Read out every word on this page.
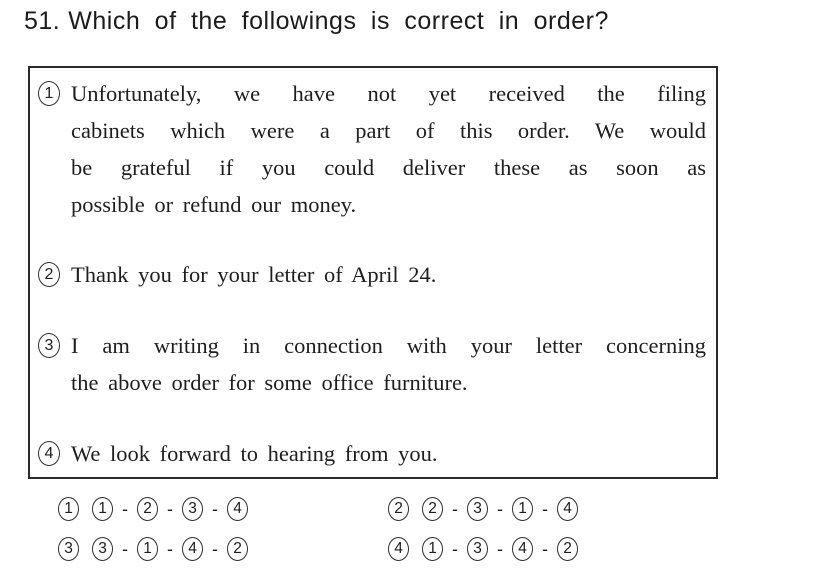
51. Which of the followings is correct in order?
1 Unfortunately, we have not yet received the filing
cabinets which were a part of this order. We would
be grateful if you could deliver these as soon as
possible or refund our money.
2 Thank you for your letter of April 24.
3 I am writing in connection with your letter concerning
the above order for some office furniture.
4 We look forward to hearing from you.
1	1 - 2 - 3 - 4	2	2 - 3 - 1 - 4
3	3 - 1 - 4 - 2	4	1 - 3 - 4 - 2
